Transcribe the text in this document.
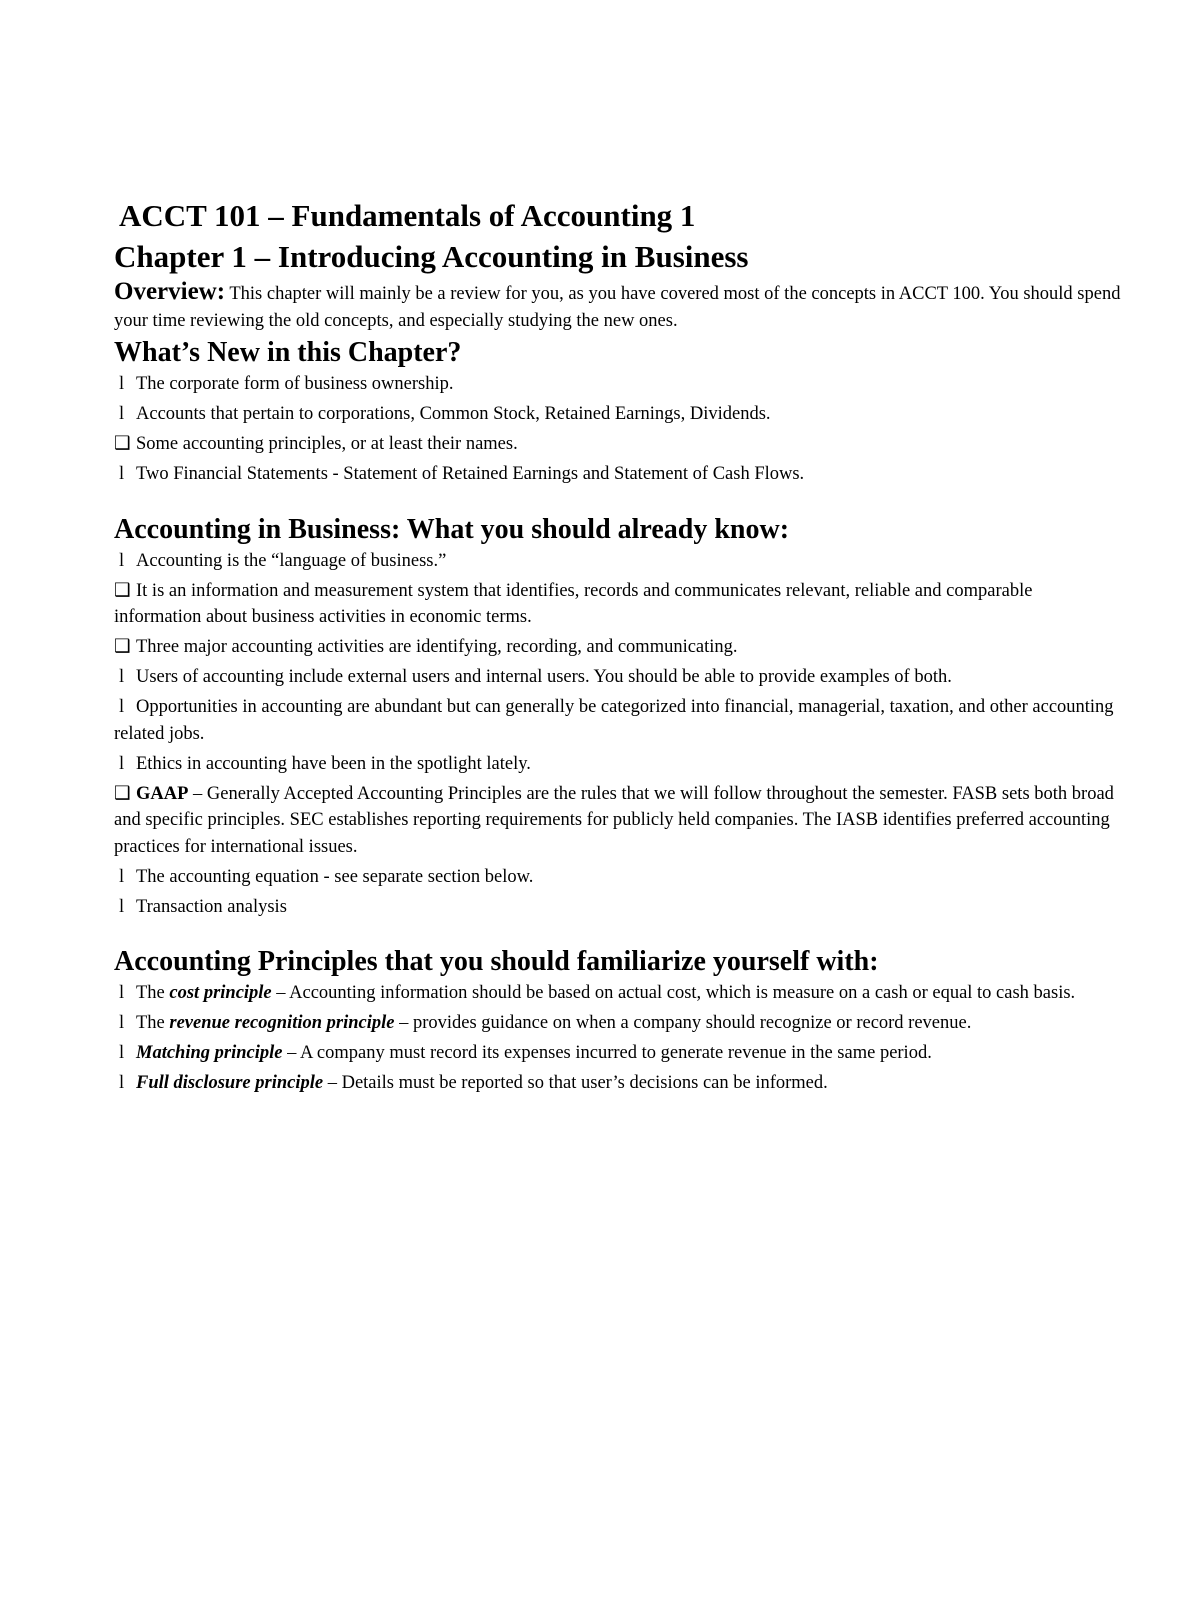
ACCT 101 – Fundamentals of Accounting 1
Chapter 1 – Introducing Accounting in Business

Overview: This chapter will mainly be a review for you, as you have covered most of the concepts in ACCT 100. You should spend your time reviewing the old concepts, and especially studying the new ones.

What’s New in this Chapter?

l The corporate form of business ownership.

l Accounts that pertain to corporations, Common Stock, Retained Earnings, Dividends.

❑ Some accounting principles, or at least their names.

l Two Financial Statements - Statement of Retained Earnings and Statement of Cash Flows.

Accounting in Business: What you should already know:

l Accounting is the “language of business.”

❑ It is an information and measurement system that identifies, records and communicates relevant, reliable and comparable information about business activities in economic terms.

❑ Three major accounting activities are identifying, recording, and communicating.

l Users of accounting include external users and internal users. You should be able to provide examples of both.

l Opportunities in accounting are abundant but can generally be categorized into financial, managerial, taxation, and other accounting related jobs.

l Ethics in accounting have been in the spotlight lately.

❑ GAAP – Generally Accepted Accounting Principles are the rules that we will follow throughout the semester. FASB sets both broad and specific principles. SEC establishes reporting requirements for publicly held companies. The IASB identifies preferred accounting practices for international issues.

l The accounting equation - see separate section below.

l Transaction analysis

Accounting Principles that you should familiarize yourself with:

l The cost principle – Accounting information should be based on actual cost, which is measure on a cash or equal to cash basis.

l The revenue recognition principle – provides guidance on when a company should recognize or record revenue.

l Matching principle – A company must record its expenses incurred to generate revenue in the same period.

l Full disclosure principle – Details must be reported so that user’s decisions can be informed.
